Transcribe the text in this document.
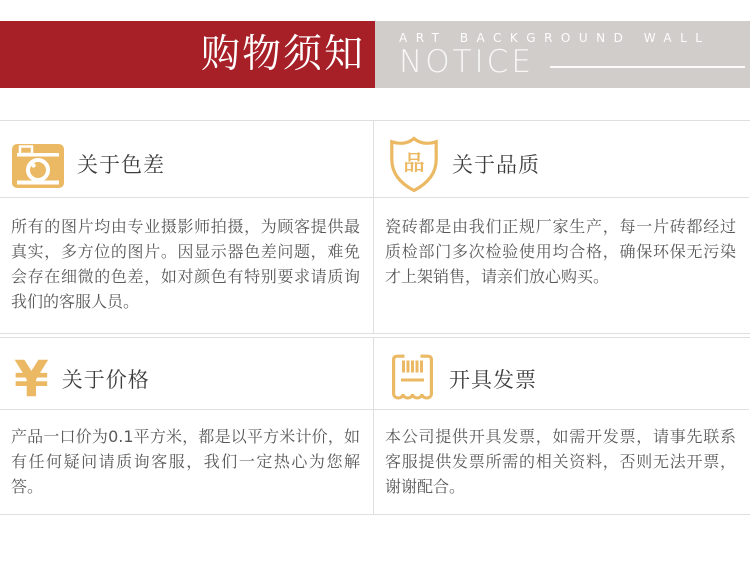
购物须知	ART BACKGROUND WALL
NOTICE
关于色差
所有的图片均由专业摄影师拍摄，为顾客提供最真实，多方位的图片。因显示器色差问题，难免会存在细微的色差，如对颜色有特别要求请质询我们的客服人员。
品 关于品质
瓷砖都是由我们正规厂家生产，每一片砖都经过质检部门多次检验使用均合格，确保环保无污染才上架销售，请亲们放心购买。
¥ 关于价格
产品一口价为0.1平方米，都是以平方米计价，如有任何疑问请质询客服，我们一定热心为您解答。
开具发票
本公司提供开具发票，如需开发票，请事先联系客服提供发票所需的相关资料，否则无法开票，谢谢配合。
